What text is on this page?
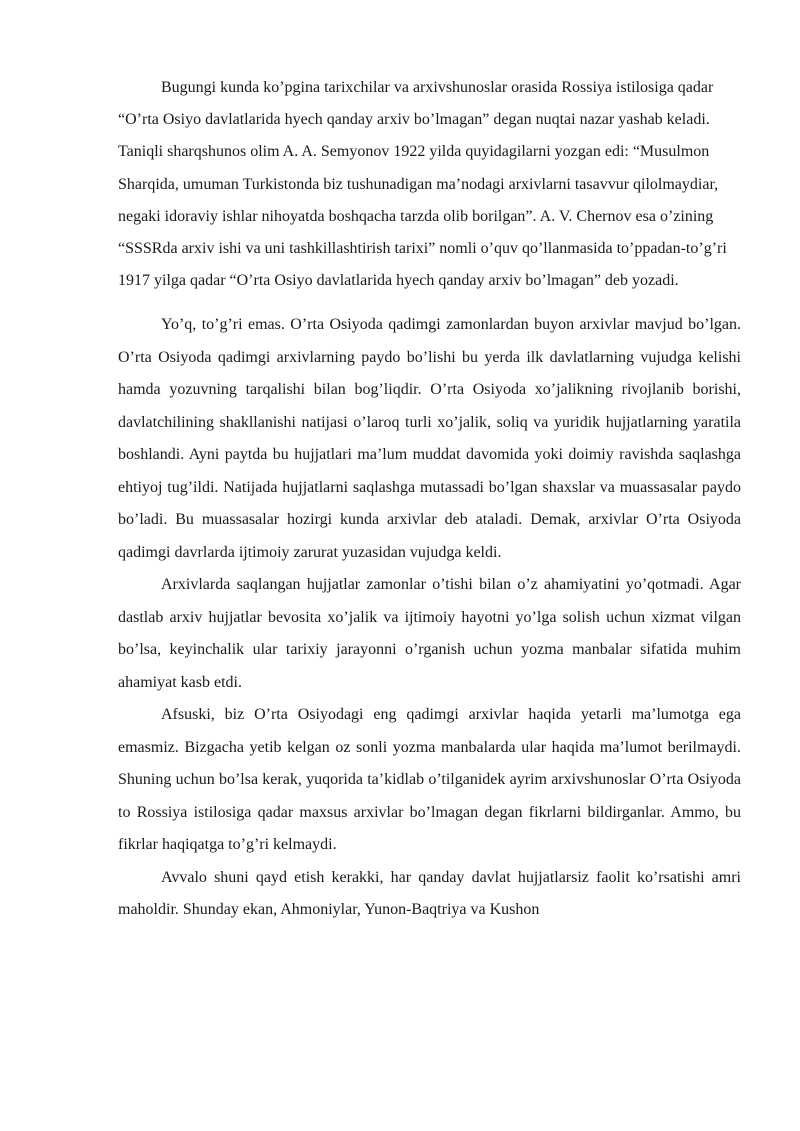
Bugungi kunda ko’pgina tarixchilar va arxivshunoslar orasida Rossiya istilosiga qadar “O’rta Osiyo davlatlarida hyech qanday arxiv bo’lmagan” degan nuqtai nazar yashab keladi. Taniqli sharqshunos olim A. A. Semyonov 1922 yilda quyidagilarni yozgan edi: “Musulmon Sharqida, umuman Turkistonda biz tushunadigan ma’nodagi arxivlarni tasavvur qilolmaydiar, negaki idoraviy ishlar nihoyatda boshqacha tarzda olib borilgan”. A. V. Chernov esa o’zining “SSSRda arxiv ishi va uni tashkillashtirish tarixi” nomli o’quv qo’llanmasida to’ppadan-to’g’ri 1917 yilga qadar “O’rta Osiyo davlatlarida hyech qanday arxiv bo’lmagan” deb yozadi.

Yo’q, to’g’ri emas. O’rta Osiyoda qadimgi zamonlardan buyon arxivlar mavjud bo’lgan. O’rta Osiyoda qadimgi arxivlarning paydo bo’lishi bu yerda ilk davlatlarning vujudga kelishi hamda yozuvning tarqalishi bilan bog’liqdir. O’rta Osiyoda xo’jalikning rivojlanib borishi, davlatchilining shakllanishi natijasi o’laroq turli xo’jalik, soliq va yuridik hujjatlarning yaratila boshlandi. Ayni paytda bu hujjatlari ma’lum muddat davomida yoki doimiy ravishda saqlashga ehtiyoj tug’ildi. Natijada hujjatlarni saqlashga mutassadi bo’lgan shaxslar va muassasalar paydo bo’ladi. Bu muassasalar hozirgi kunda arxivlar deb ataladi. Demak, arxivlar O’rta Osiyoda qadimgi davrlarda ijtimoiy zarurat yuzasidan vujudga keldi.

Arxivlarda saqlangan hujjatlar zamonlar o’tishi bilan o’z ahamiyatini yo’qotmadi. Agar dastlab arxiv hujjatlar bevosita xo’jalik va ijtimoiy hayotni yo’lga solish uchun xizmat vilgan bo’lsa, keyinchalik ular tarixiy jarayonni o’rganish uchun yozma manbalar sifatida muhim ahamiyat kasb etdi.

Afsuski, biz O’rta Osiyodagi eng qadimgi arxivlar haqida yetarli ma’lumotga ega emasmiz. Bizgacha yetib kelgan oz sonli yozma manbalarda ular haqida ma’lumot berilmaydi. Shuning uchun bo’lsa kerak, yuqorida ta’kidlab o’tilganidek ayrim arxivshunoslar O’rta Osiyoda to Rossiya istilosiga qadar maxsus arxivlar bo’lmagan degan fikrlarni bildirganlar. Ammo, bu fikrlar haqiqatga to’g’ri kelmaydi.

Avvalo shuni qayd etish kerakki, har qanday davlat hujjatlarsiz faolit ko’rsatishi amri maholdir. Shunday ekan, Ahmoniylar, Yunon-Baqtriya va Kushon
